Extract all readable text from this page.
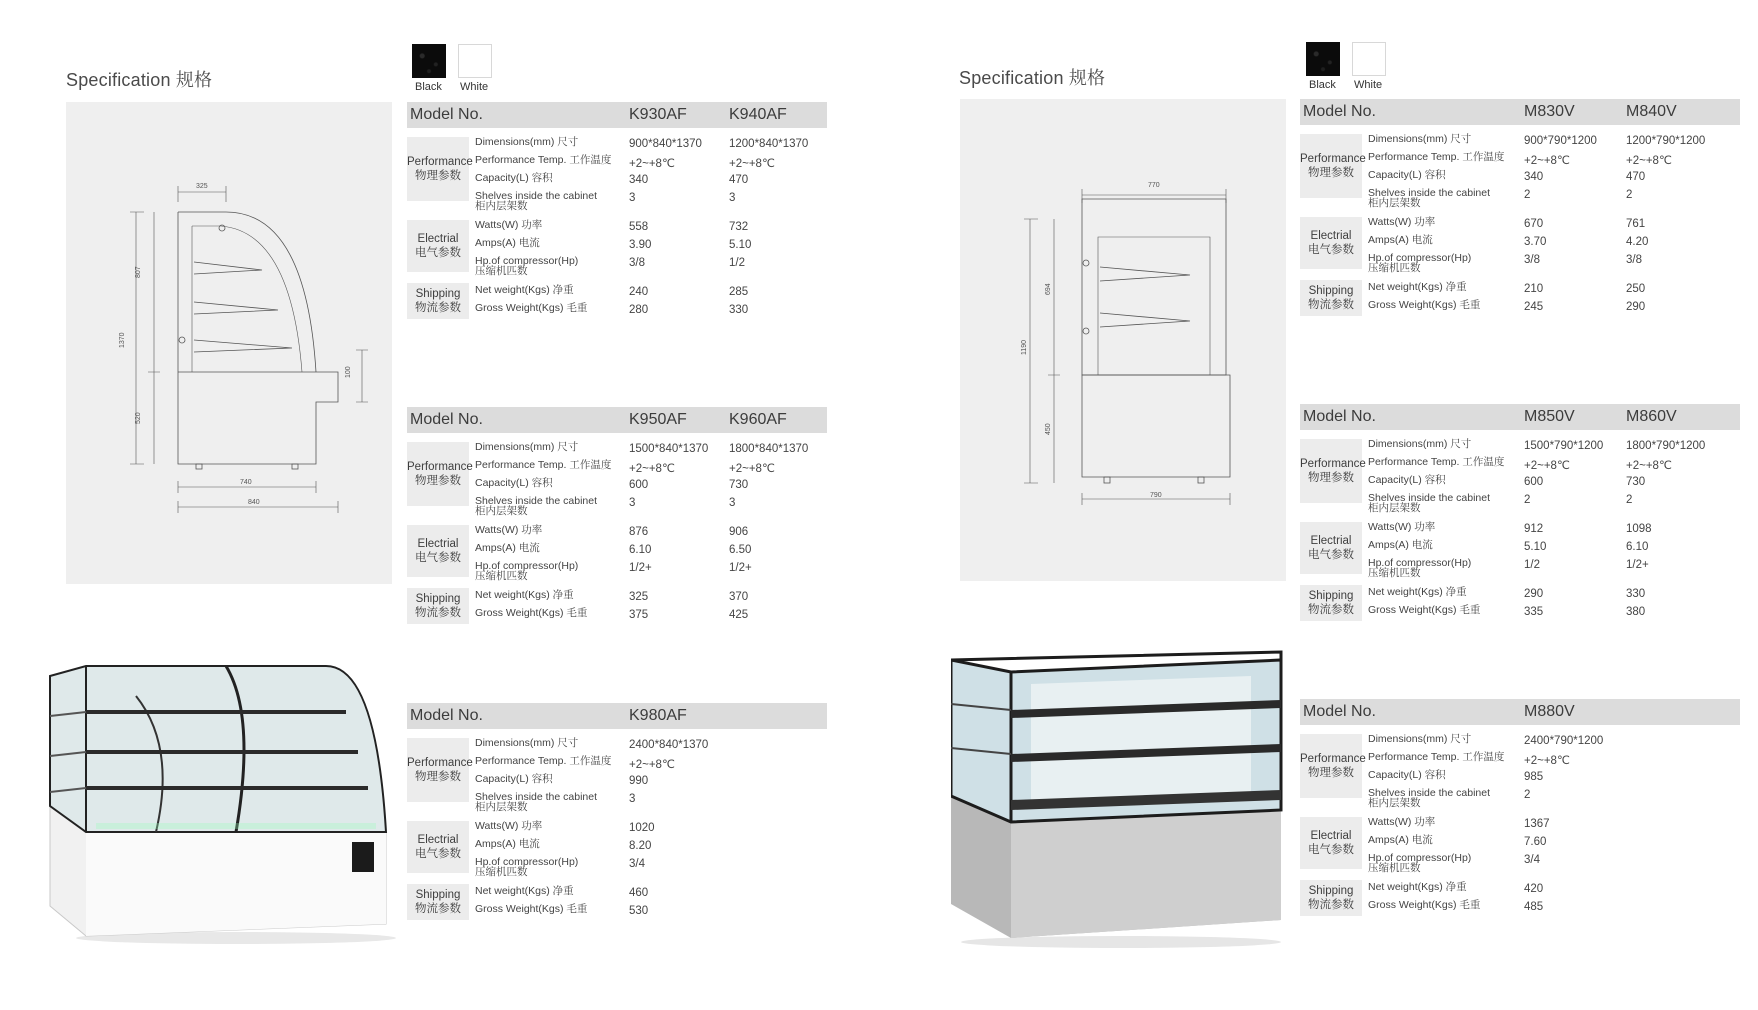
Specification 规格	Black White
325
807
1370
520
100
740
840
Model No.	K930AF	K940AF
Performance
物理参数
Dimensions(mm) 尺寸	900*840*1370 1200*840*1370
Performance Temp. 工作温度 +2~+8℃	+2~+8℃
Capacity(L) 容积	340	470
Shelves inside the cabinet
柜内层架数
3	3
Electrial
电气参数
Watts(W) 功率	558	732
Amps(A) 电流	3.90	5.10
Hp.of compressor(Hp)
压缩机匹数
3/8	1/2
Shipping
物流参数
Net weight(Kgs) 净重	240	285
Gross Weight(Kgs) 毛重	280	330
Model No.	K950AF	K960AF
Performance
物理参数
Dimensions(mm) 尺寸	1500*840*1370 1800*840*1370
Performance Temp. 工作温度 +2~+8℃	+2~+8℃
Capacity(L) 容积	600	730
Shelves inside the cabinet
柜内层架数
3	3
Electrial
电气参数
Watts(W) 功率	876	906
Amps(A) 电流	6.10	6.50
Hp.of compressor(Hp)
压缩机匹数
1/2+	1/2+
Shipping
物流参数
Net weight(Kgs) 净重	325	370
Gross Weight(Kgs) 毛重	375	425
Model No.	K980AF
Performance
物理参数
Dimensions(mm) 尺寸	2400*840*1370
Performance Temp. 工作温度 +2~+8℃
Capacity(L) 容积	990
Shelves inside the cabinet
柜内层架数
3
Electrial
电气参数
Watts(W) 功率	1020
Amps(A) 电流	8.20
Hp.of compressor(Hp)
压缩机匹数
3/4
Shipping
物流参数
Net weight(Kgs) 净重	460
Gross Weight(Kgs) 毛重	530
Specification 规格	Black White
770
694
1190
450
790
Model No.	M830V	M840V
Performance
物理参数
Dimensions(mm) 尺寸	900*790*1200	1200*790*1200
Performance Temp. 工作温度 +2~+8℃	+2~+8℃
Capacity(L) 容积	340	470
Shelves inside the cabinet
柜内层架数
2	2
Electrial
电气参数
Watts(W) 功率	670	761
Amps(A) 电流	3.70	4.20
Hp.of compressor(Hp)
压缩机匹数
3/8	3/8
Shipping
物流参数
Net weight(Kgs) 净重	210	250
Gross Weight(Kgs) 毛重	245	290
Model No.	M850V	M860V
Performance
物理参数
Dimensions(mm) 尺寸	1500*790*1200 1800*790*1200
Performance Temp. 工作温度 +2~+8℃	+2~+8℃
Capacity(L) 容积	600	730
Shelves inside the cabinet
柜内层架数
2	2
Electrial
电气参数
Watts(W) 功率	912	1098
Amps(A) 电流	5.10	6.10
Hp.of compressor(Hp)
压缩机匹数
1/2	1/2+
Shipping
物流参数
Net weight(Kgs) 净重	290	330
Gross Weight(Kgs) 毛重	335	380
Model No.	M880V
Performance
物理参数
Dimensions(mm) 尺寸	2400*790*1200
Performance Temp. 工作温度 +2~+8℃
Capacity(L) 容积	985
Shelves inside the cabinet
柜内层架数
2
Electrial
电气参数
Watts(W) 功率	1367
Amps(A) 电流	7.60
Hp.of compressor(Hp)
压缩机匹数
3/4
Shipping
物流参数
Net weight(Kgs) 净重	420
Gross Weight(Kgs) 毛重	485
